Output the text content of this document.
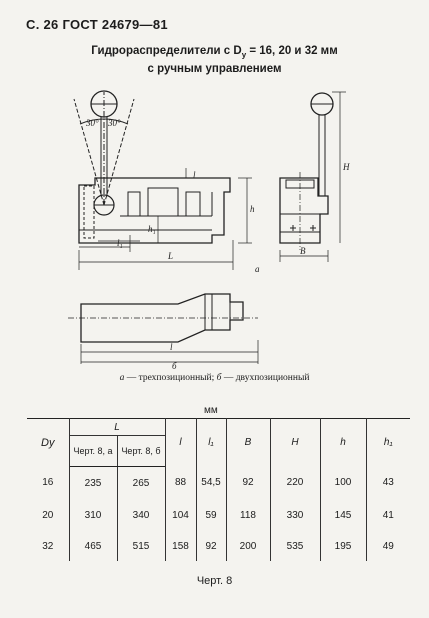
С. 26 ГОСТ 24679—81
Гидрораспределители с $D_у = 16$, 20 и 32 мм
с ручным управлением
30° 30°
l
h
h₁
l₁
L
H
B
а
l
б
а — трехпозиционный; б — двухпозиционный
мм
Dу	L		l	l₁	B	H	h	h₁
	Черт. 8, а	Черт. 8, б						
16	235	265	88	54,5	92	220	100	43
20	310	340	104	59	118	330	145	41
32	465	515	158	92	200	535	195	49
Черт. 8
